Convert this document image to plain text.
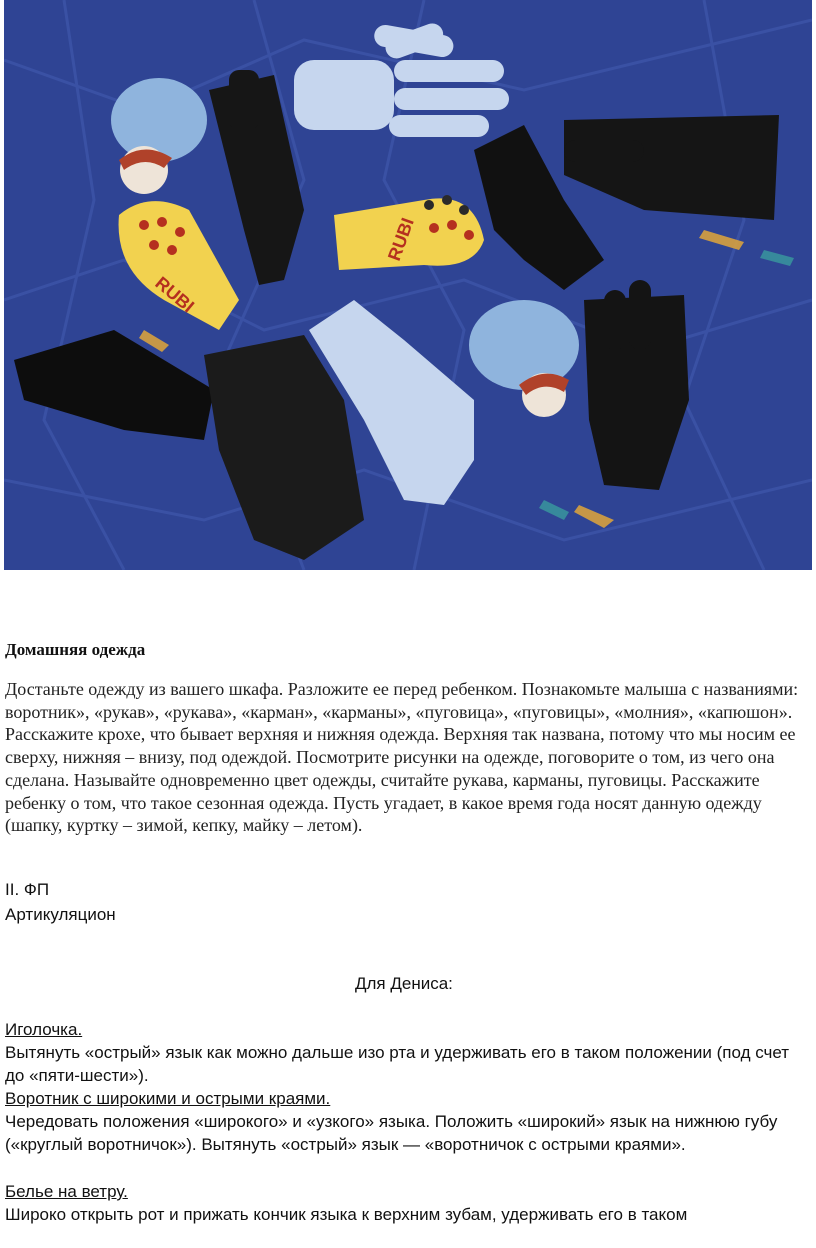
RUBI
RUBI
Домашняя одежда
Достаньте одежду из вашего шкафа. Разложите ее перед ребенком. Познакомьте малыша с названиями: воротник», «рукав», «рукава», «карман», «карманы», «пуговица», «пуговицы», «молния», «капюшон». Расскажите крохе, что бывает верхняя и нижняя одежда. Верхняя так названа, потому что мы носим ее сверху, нижняя – внизу, под одеждой. Посмотрите рисунки на одежде, поговорите о том, из чего она сделана. Называйте одновременно цвет одежды, считайте рукава, карманы, пуговицы. Расскажите ребенку о том, что такое сезонная одежда. Пусть угадает, в какое время года носят данную одежду (шапку, куртку – зимой, кепку, майку – летом).
II. ФП
Артикуляцион
Для Дениса:
Иголочка.
Вытянуть «острый» язык как можно дальше изо рта и удерживать его в таком положении (под счет до «пяти-шести»).
Воротник с широкими и острыми краями.
Чередовать положения «широкого» и «узкого» языка. Положить «широкий» язык на нижнюю губу («круглый воротничок»). Вытянуть «острый» язык — «воротничок с острыми краями».
Белье на ветру.
Широко открыть рот и прижать кончик языка к верхним зубам, удерживать его в таком
